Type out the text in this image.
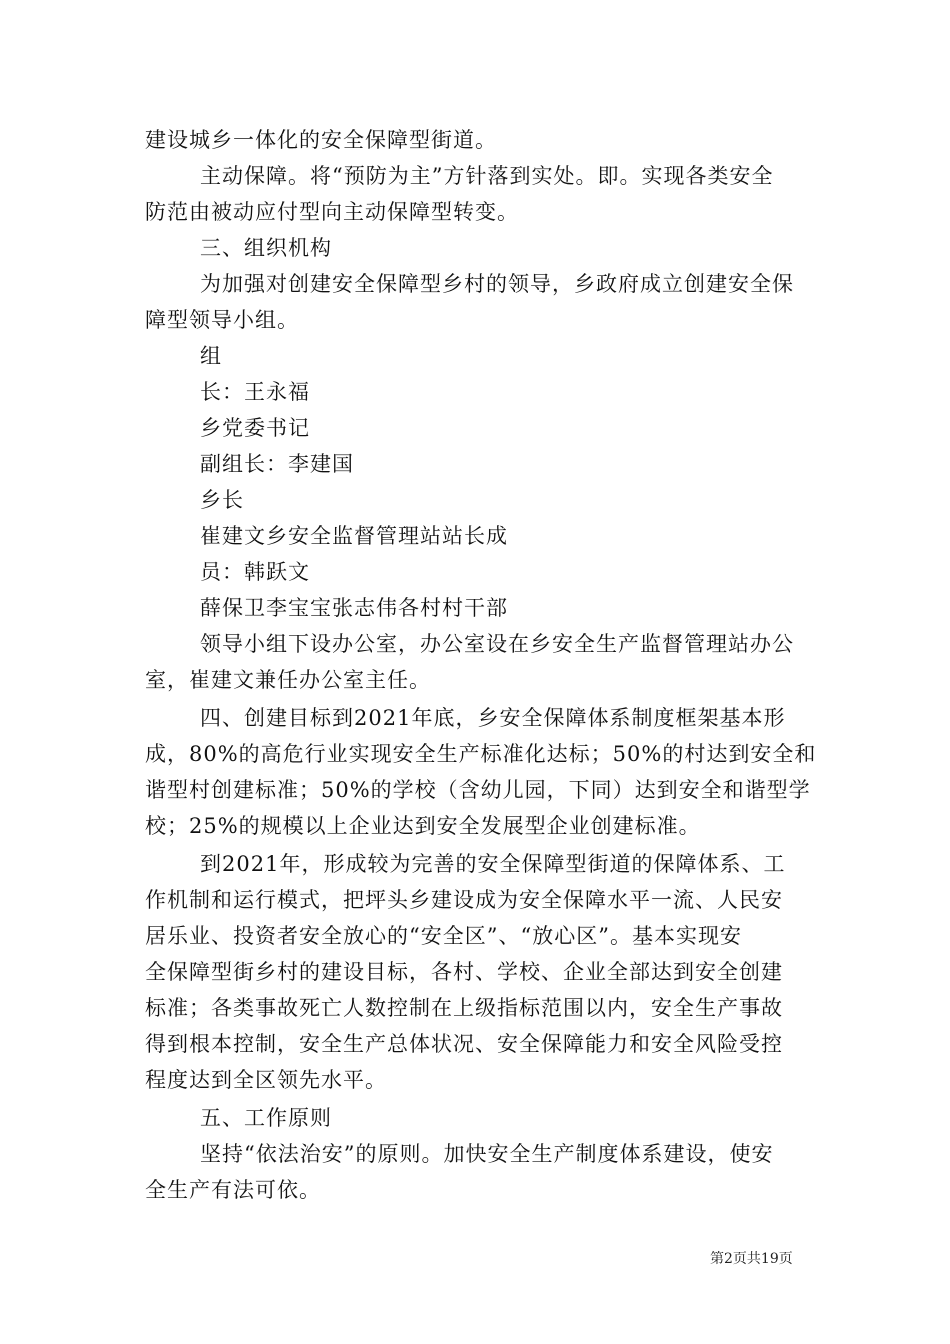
建设城乡一体化的安全保障型街道。
主动保障。将“预防为主”方针落到实处。即。实现各类安全
防范由被动应付型向主动保障型转变。
三、组织机构
为加强对创建安全保障型乡村的领导，乡政府成立创建安全保
障型领导小组。
组
长：王永福
乡党委书记
副组长：李建国
乡长
崔建文乡安全监督管理站站长成
员：韩跃文
薛保卫李宝宝张志伟各村村干部
领导小组下设办公室，办公室设在乡安全生产监督管理站办公
室，崔建文兼任办公室主任。
四、创建目标到2021年底，乡安全保障体系制度框架基本形
成，80%的高危行业实现安全生产标准化达标；50%的村达到安全和
谐型村创建标准；50%的学校（含幼儿园，下同）达到安全和谐型学
校；25%的规模以上企业达到安全发展型企业创建标准。
到2021年，形成较为完善的安全保障型街道的保障体系、工
作机制和运行模式，把坪头乡建设成为安全保障水平一流、人民安
居乐业、投资者安全放心的“安全区”、“放心区”。基本实现安
全保障型街乡村的建设目标，各村、学校、企业全部达到安全创建
标准；各类事故死亡人数控制在上级指标范围以内，安全生产事故
得到根本控制，安全生产总体状况、安全保障能力和安全风险受控
程度达到全区领先水平。
五、工作原则
坚持“依法治安”的原则。加快安全生产制度体系建设，使安
全生产有法可依。
第2页共19页
